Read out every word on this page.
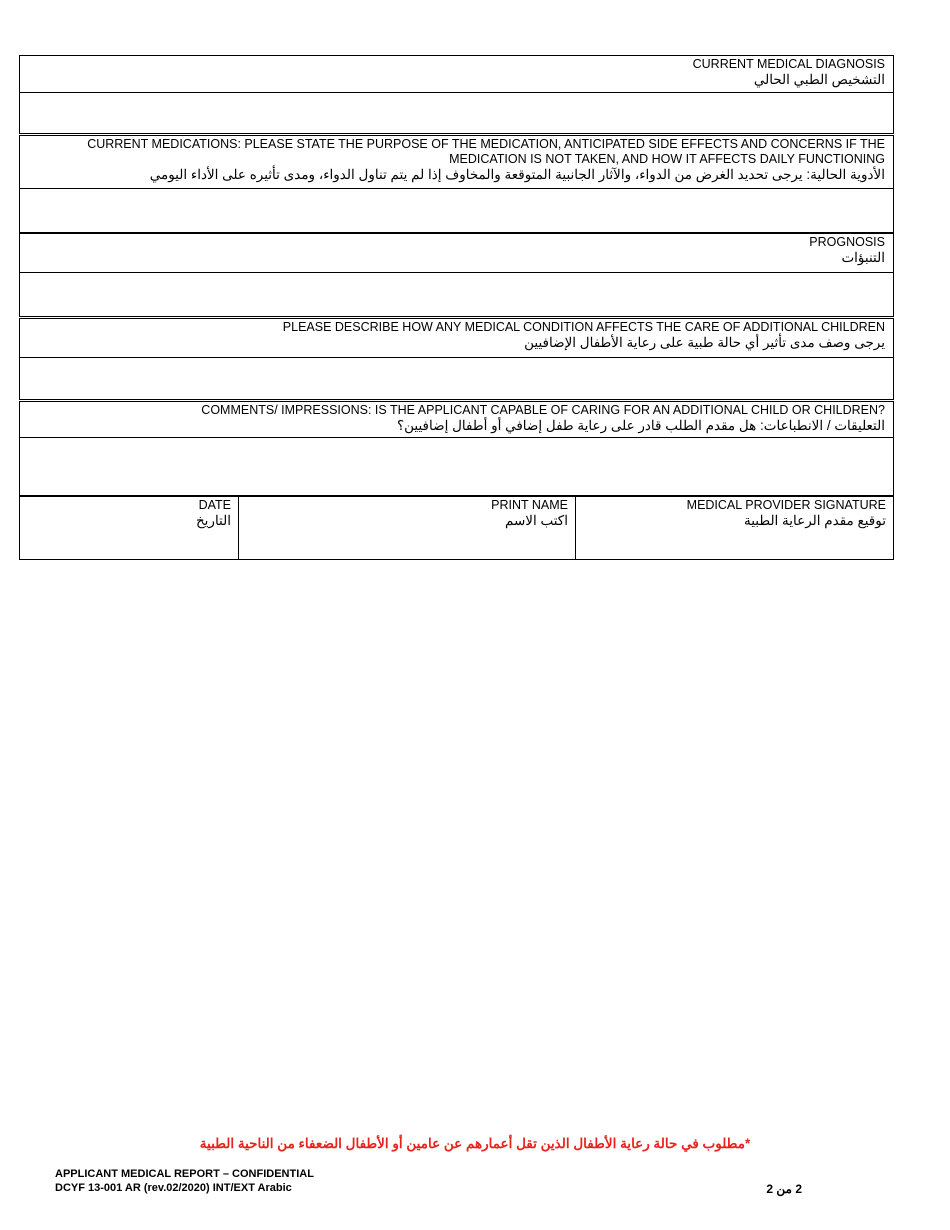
CURRENT MEDICAL DIAGNOSIS
التشخيص الطبي الحالي
CURRENT MEDICATIONS: PLEASE STATE THE PURPOSE OF THE MEDICATION, ANTICIPATED SIDE EFFECTS AND CONCERNS IF THE MEDICATION IS NOT TAKEN, AND HOW IT AFFECTS DAILY FUNCTIONING
الأدوية الحالية: يرجى تحديد الغرض من الدواء، والآثار الجانبية المتوقعة والمخاوف إذا لم يتم تناول الدواء، ومدى تأثيره على الأداء اليومي
PROGNOSIS
التنبؤات
PLEASE DESCRIBE HOW ANY MEDICAL CONDITION AFFECTS THE CARE OF ADDITIONAL CHILDREN
يرجى وصف مدى تأثير أي حالة طبية على رعاية الأطفال الإضافيين
COMMENTS/ IMPRESSIONS: IS THE APPLICANT CAPABLE OF CARING FOR AN ADDITIONAL CHILD OR CHILDREN?
التعليقات / الانطباعات: هل مقدم الطلب قادر على رعاية طفل إضافي أو أطفال إضافيين؟
DATE
التاريخ
PRINT NAME
اكتب الاسم
MEDICAL PROVIDER SIGNATURE
توقيع مقدم الرعاية الطبية
*مطلوب في حالة رعاية الأطفال الذين تقل أعمارهم عن عامين أو الأطفال الضعفاء من الناحية الطبية
APPLICANT MEDICAL REPORT – CONFIDENTIAL
DCYF 13-001 AR (rev.02/2020) INT/EXT Arabic	2 من 2
